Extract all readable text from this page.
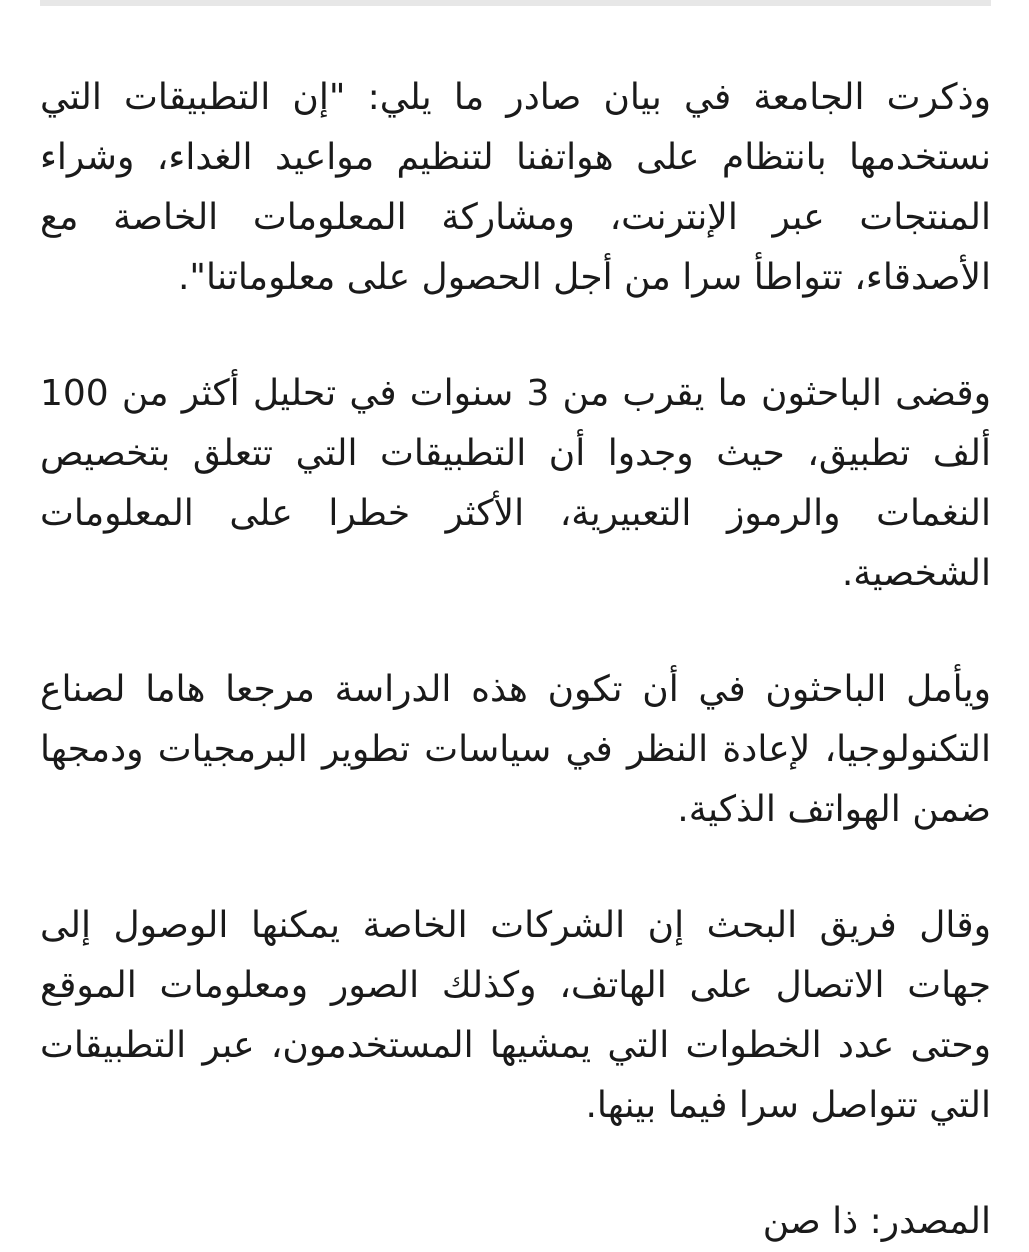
وذكرت الجامعة في بيان صادر ما يلي: "إن التطبيقات التي نستخدمها بانتظام على هواتفنا لتنظيم مواعيد الغداء، وشراء المنتجات عبر الإنترنت، ومشاركة المعلومات الخاصة مع الأصدقاء، تتواطأ سرا من أجل الحصول على معلوماتنا".

وقضى الباحثون ما يقرب من 3 سنوات في تحليل أكثر من 100 ألف تطبيق، حيث وجدوا أن التطبيقات التي تتعلق بتخصيص النغمات والرموز التعبيرية، الأكثر خطرا على المعلومات الشخصية.

ويأمل الباحثون في أن تكون هذه الدراسة مرجعا هاما لصناع التكنولوجيا، لإعادة النظر في سياسات تطوير البرمجيات ودمجها ضمن الهواتف الذكية.

وقال فريق البحث إن الشركات الخاصة يمكنها الوصول إلى جهات الاتصال على الهاتف، وكذلك الصور ومعلومات الموقع وحتى عدد الخطوات التي يمشيها المستخدمون، عبر التطبيقات التي تتواصل سرا فيما بينها.

المصدر: ذا صن
